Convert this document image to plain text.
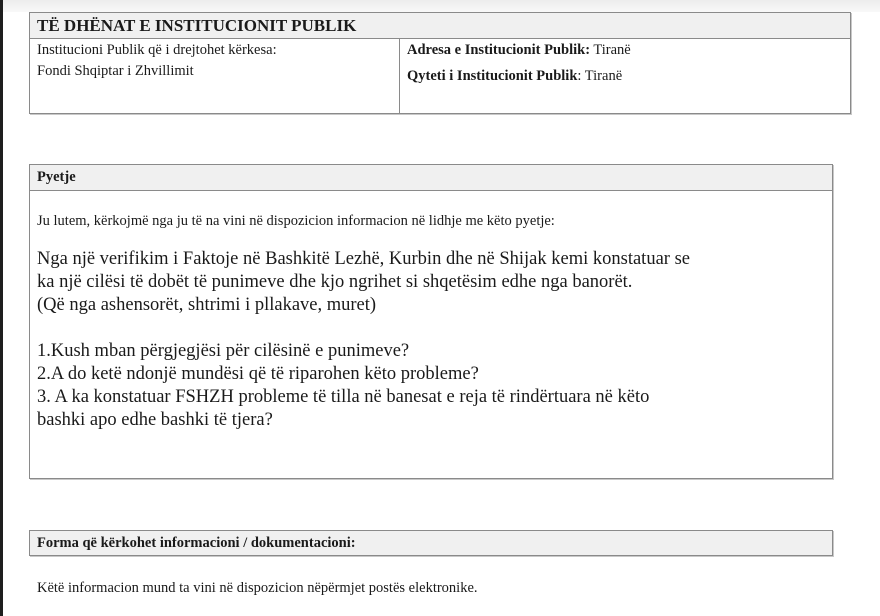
TË DHËNAT E INSTITUCIONIT PUBLIK
Institucioni Publik që i drejtohet kërkesa:
Fondi Shqiptar i Zhvillimit
Adresa e Institucionit Publik: Tiranë
Qyteti i Institucionit Publik: Tiranë
Pyetje
Ju lutem, kërkojmë nga ju të na vini në dispozicion informacion në lidhje me këto pyetje:
Nga një verifikim i Faktoje në Bashkitë Lezhë, Kurbin dhe në Shijak kemi konstatuar se
ka një cilësi të dobët të punimeve dhe kjo ngrihet si shqetësim edhe nga banorët.
(Që nga ashensorët, shtrimi i pllakave, muret)
1.Kush mban përgjegjësi për cilësinë e punimeve?
2.A do ketë ndonjë mundësi që të riparohen këto probleme?
3. A ka konstatuar FSHZH probleme të tilla në banesat e reja të rindërtuara në këto
bashki apo edhe bashki të tjera?
Forma që kërkohet informacioni / dokumentacioni:
Këtë informacion mund ta vini në dispozicion nëpërmjet postës elektronike.
